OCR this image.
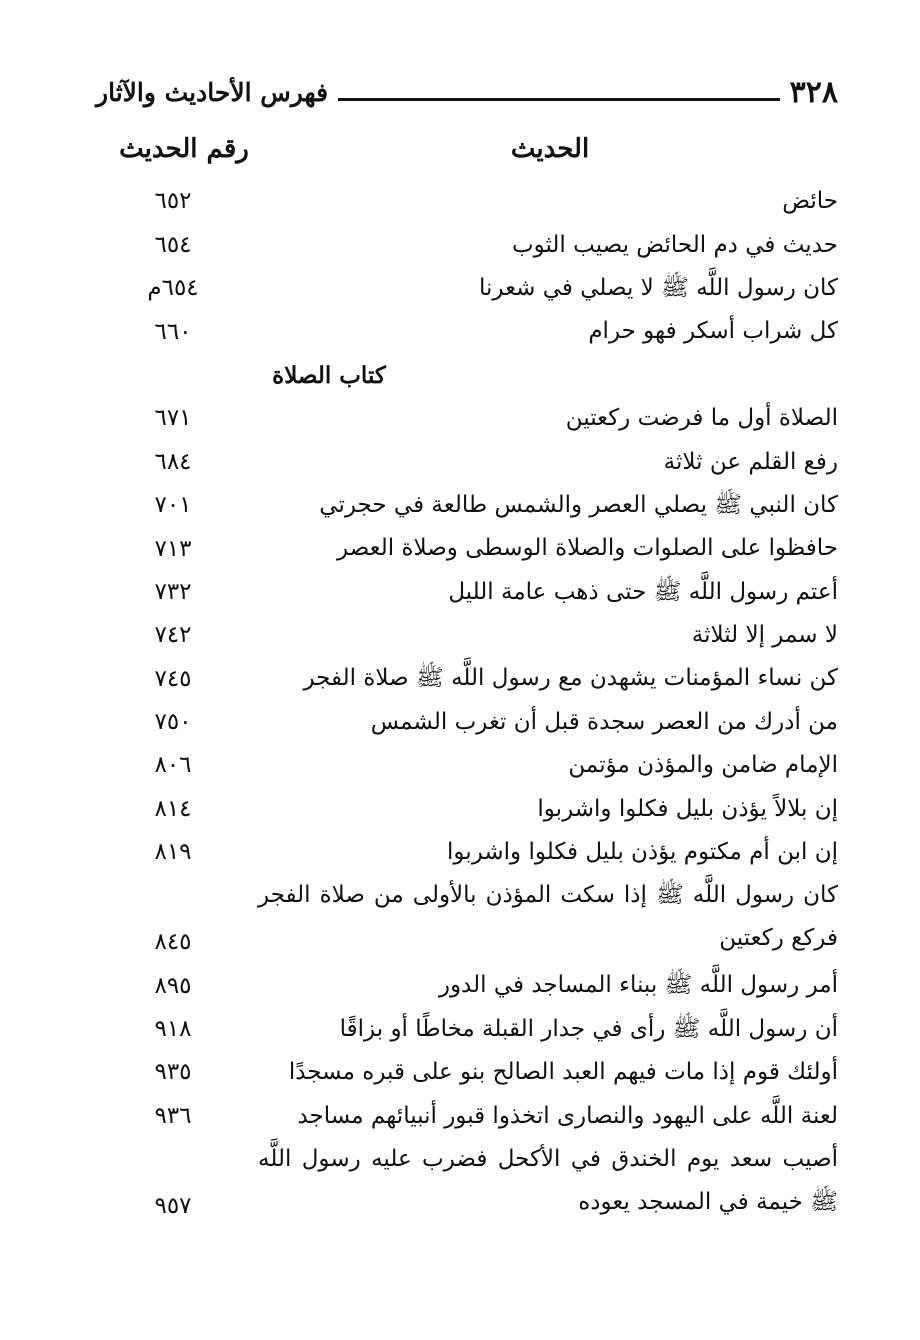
٣٢٨
فهرس الأحاديث والآثار
الحديث
رقم الحديث
حائض
٦٥٢
حديث في دم الحائض يصيب الثوب
٦٥٤
كان رسول اللَّه ﷺ لا يصلي في شعرنا
٦٥٤م
كل شراب أسكر فهو حرام
٦٦٠
كتاب الصلاة
الصلاة أول ما فرضت ركعتين
٦٧١
رفع القلم عن ثلاثة
٦٨٤
كان النبي ﷺ يصلي العصر والشمس طالعة في حجرتي
٧٠١
حافظوا على الصلوات والصلاة الوسطى وصلاة العصر
٧١٣
أعتم رسول اللَّه ﷺ حتى ذهب عامة الليل
٧٣٢
لا سمر إلا لثلاثة
٧٤٢
كن نساء المؤمنات يشهدن مع رسول اللَّه ﷺ صلاة الفجر
٧٤٥
من أدرك من العصر سجدة قبل أن تغرب الشمس
٧٥٠
الإمام ضامن والمؤذن مؤتمن
٨٠٦
إن بلالاً يؤذن بليل فكلوا واشربوا
٨١٤
إن ابن أم مكتوم يؤذن بليل فكلوا واشربوا
٨١٩
كان رسول اللَّه ﷺ إذا سكت المؤذن بالأولى من صلاة الفجر فركع ركعتين
٨٤٥
أمر رسول اللَّه ﷺ ببناء المساجد في الدور
٨٩٥
أن رسول اللَّه ﷺ رأى في جدار القبلة مخاطًا أو بزاقًا
٩١٨
أولئك قوم إذا مات فيهم العبد الصالح بنو على قبره مسجدًا
٩٣٥
لعنة اللَّه على اليهود والنصارى اتخذوا قبور أنبيائهم مساجد
٩٣٦
أصيب سعد يوم الخندق في الأكحل فضرب عليه رسول اللَّه ﷺ خيمة في المسجد يعوده
٩٥٧
